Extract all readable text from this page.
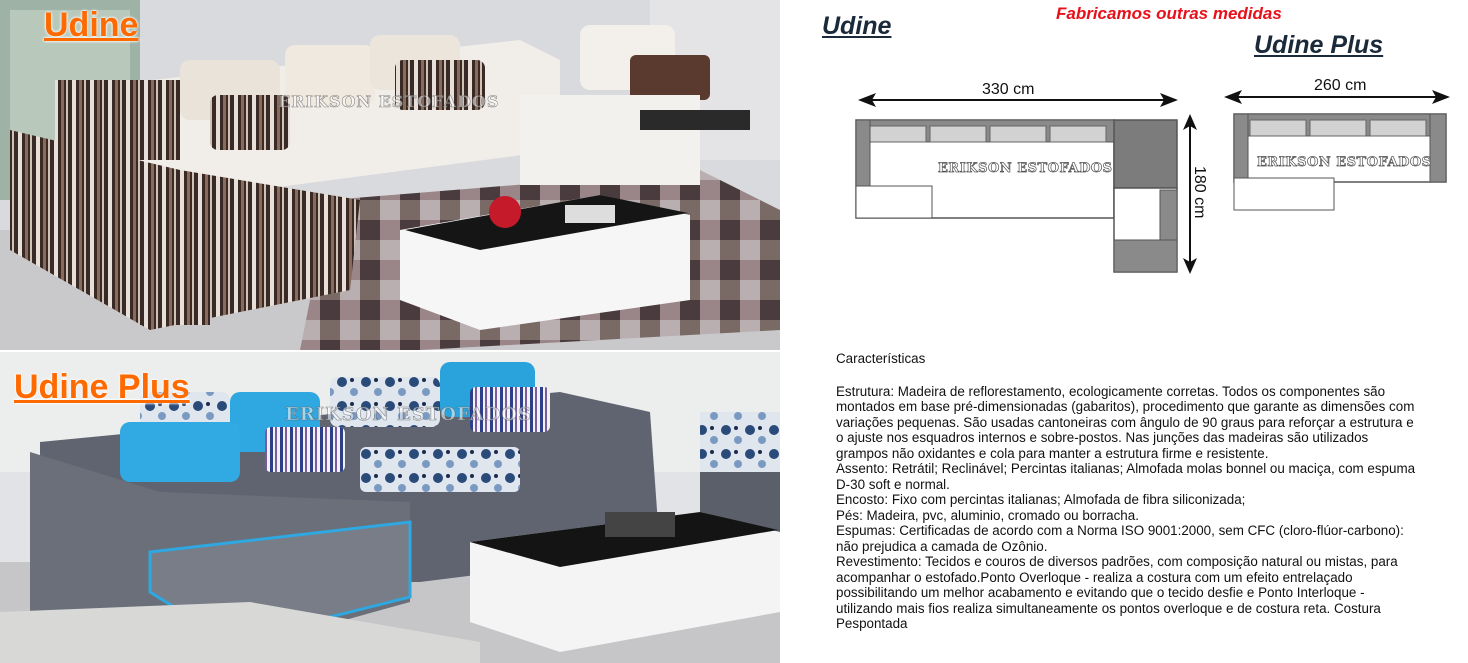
Udine
ERIKSON ESTOFADOS
Udine Plus
ERIKSON ESTOFADOS
Udine	Fabricamos outras medidas
Udine Plus
330 cm
180 cm
260 cm
ERIKSON ESTOFADOS	ERIKSON ESTOFADOS

Características

Estrutura: Madeira de reflorestamento, ecologicamente corretas. Todos os componentes são montados em base pré-dimensionadas (gabaritos), procedimento que garante as dimensões com variações pequenas. São usadas cantoneiras com ângulo de 90 graus para reforçar a estrutura e o ajuste nos esquadros internos e sobre-postos. Nas junções das madeiras são utilizados grampos não oxidantes e cola para manter a estrutura firme e resistente.

Assento: Retrátil; Reclinável; Percintas italianas; Almofada molas bonnel ou maciça, com espuma D-30 soft e normal.

Encosto: Fixo com percintas italianas; Almofada de fibra siliconizada;

Pés: Madeira, pvc, aluminio, cromado ou borracha.

Espumas: Certificadas de acordo com a Norma ISO 9001:2000, sem CFC (cloro-flúor-carbono): não prejudica a camada de Ozônio.

Revestimento: Tecidos e couros de diversos padrões, com composição natural ou mistas, para acompanhar o estofado.Ponto Overloque - realiza a costura com um efeito entrelaçado possibilitando um melhor acabamento e evitando que o tecido desfie e Ponto Interloque - utilizando mais fios realiza simultaneamente os pontos overloque e de costura reta. Costura Pespontada
